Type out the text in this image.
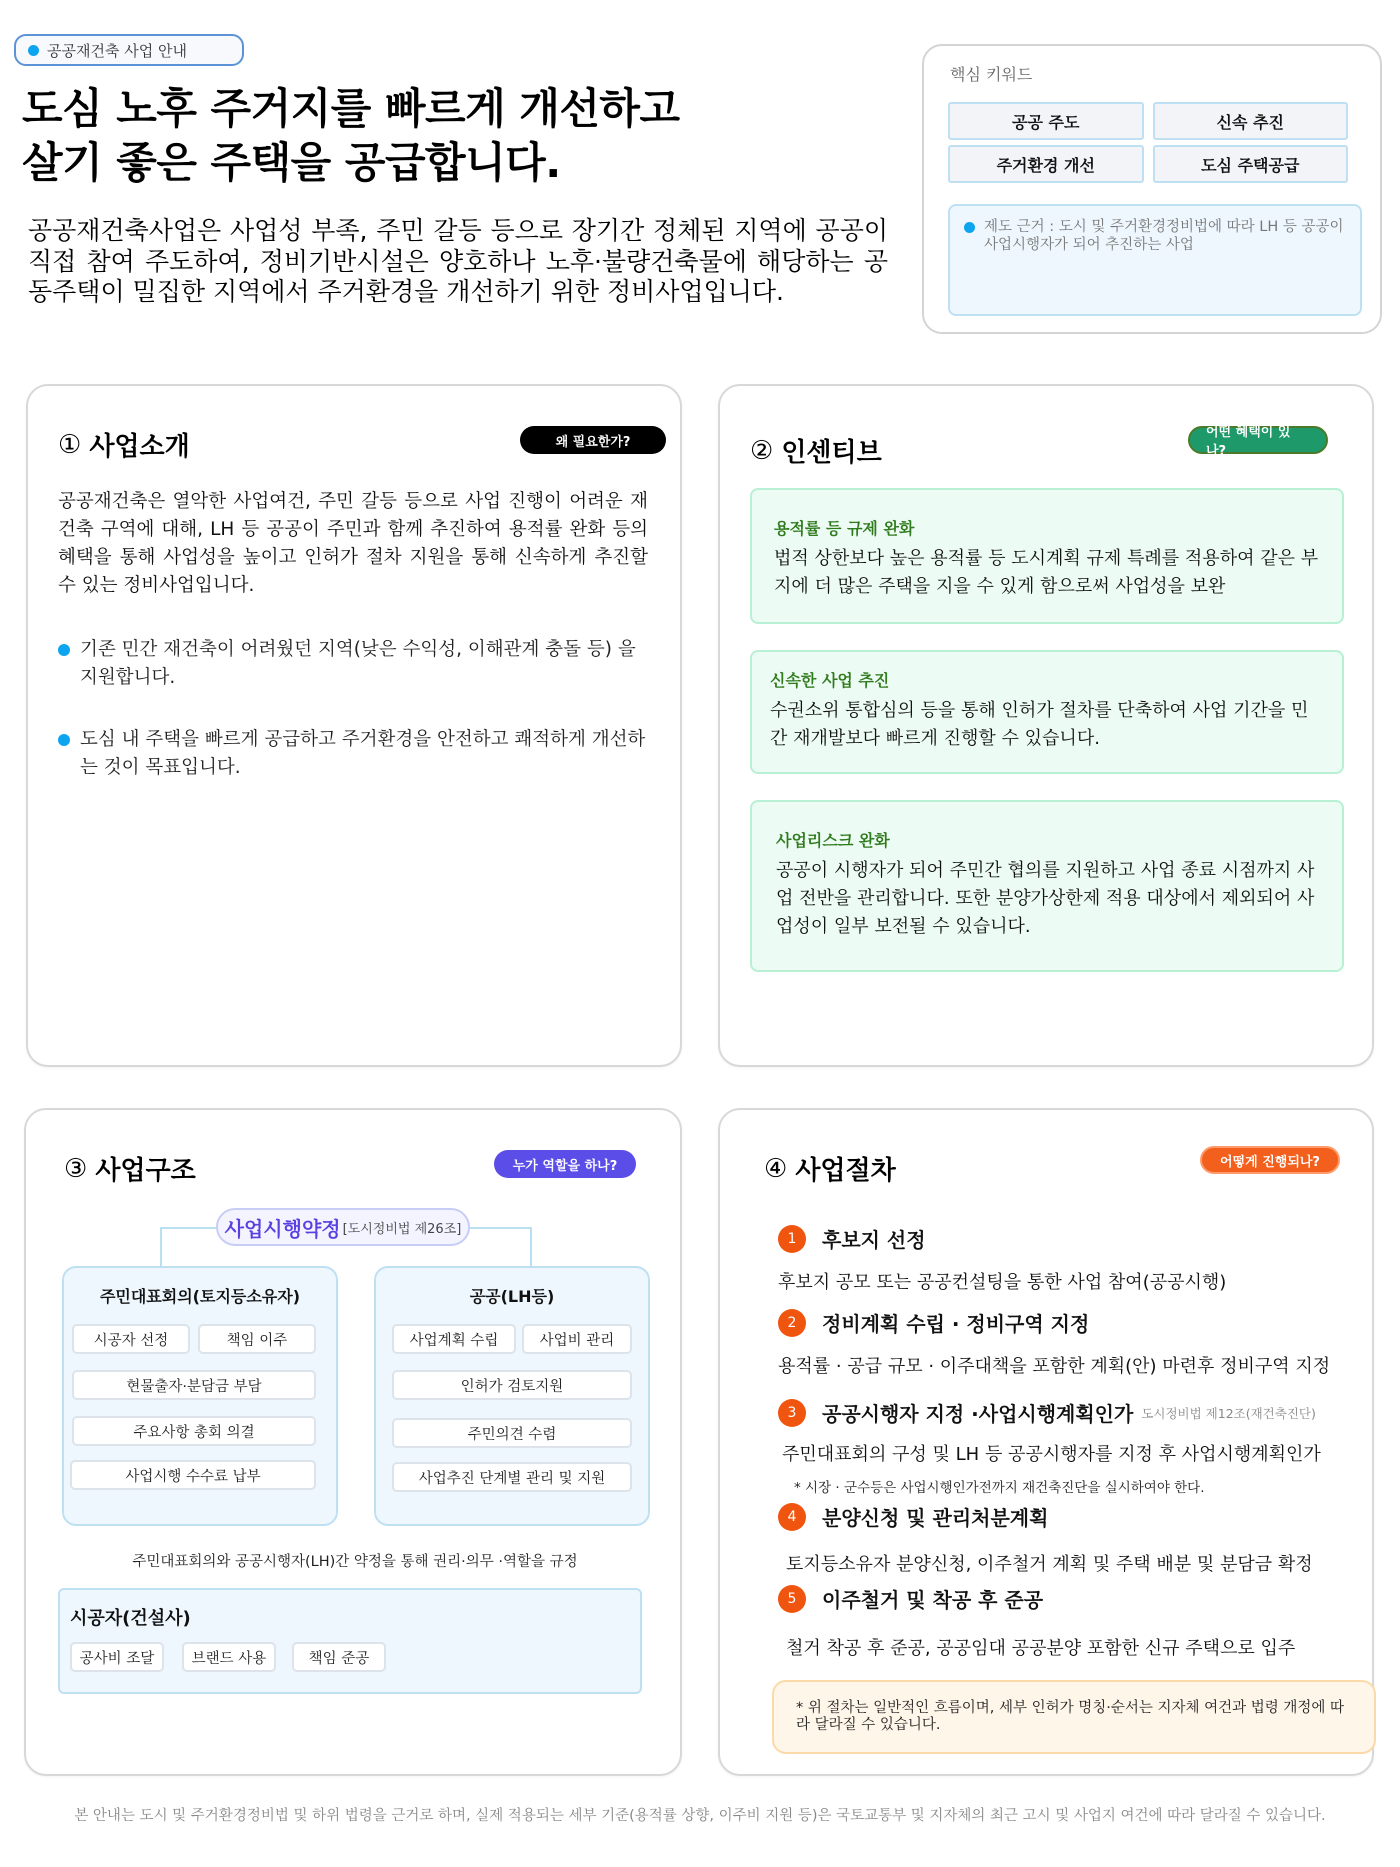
공공재건축 사업 안내
도심 노후 주거지를 빠르게 개선하고
살기 좋은 주택을 공급합니다.

공공재건축사업은 사업성 부족, 주민 갈등 등으로 장기간 정체된 지역에 공공이 직접 참여 주도하여, 정비기반시설은 양호하나 노후·불량건축물에 해당하는 공동주택이 밀집한 지역에서 주거환경을 개선하기 위한 정비사업입니다.

핵심 키워드
공공 주도	신속 추진
주거환경 개선	도심 주택공급
제도 근거 : 도시 및 주거환경정비법에 따라 LH 등 공공이 사업시행자가 되어 추진하는 사업
① 사업소개	왜 필요한가?

공공재건축은 열악한 사업여건, 주민 갈등 등으로 사업 진행이 어려운 재건축 구역에 대해, LH 등 공공이 주민과 함께 추진하여 용적률 완화 등의 혜택을 통해 사업성을 높이고 인허가 절차 지원을 통해 신속하게 추진할 수 있는 정비사업입니다.

기존 민간 재건축이 어려웠던 지역(낮은 수익성, 이해관계 충돌 등) 을 지원합니다.
도심 내 주택을 빠르게 공급하고 주거환경을 안전하고 쾌적하게 개선하는 것이 목표입니다.
② 인센티브
어떤 혜택이 있나?
용적률 등 규제 완화
법적 상한보다 높은 용적률 등 도시계획 규제 특례를 적용하여 같은 부지에 더 많은 주택을 지을 수 있게 함으로써 사업성을 보완
신속한 사업 추진
수권소위 통합심의 등을 통해 인허가 절차를 단축하여 사업 기간을 민간 재개발보다 빠르게 진행할 수 있습니다.
사업리스크 완화
공공이 시행자가 되어 주민간 협의를 지원하고 사업 종료 시점까지 사업 전반을 관리합니다. 또한 분양가상한제 적용 대상에서 제외되어 사업성이 일부 보전될 수 있습니다.
③ 사업구조	누가 역할을 하나?
사업시행약정 [도시정비법 제26조]
주민대표회의(토지등소유자)
시공자 선정	책임 이주
현물출자·분담금 부담
주요사항 총회 의결
사업시행 수수료 납부
공공(LH등)
사업계획 수립	사업비 관리
인허가 검토지원
주민의견 수렴
사업추진 단계별 관리 및 지원
주민대표회의와 공공시행자(LH)간 약정을 통해 권리·의무 ·역할을 규정
시공자(건설사)
공사비 조달	브랜드 사용	책임 준공
④ 사업절차	어떻게 진행되나?
1	후보지 선정
후보지 공모 또는 공공컨설팅을 통한 사업 참여(공공시행)
2	정비계획 수립 · 정비구역 지정
용적률 · 공급 규모 · 이주대책을 포함한 계획(안) 마련후 정비구역 지정
3	공공시행자 지정 ·사업시행계획인가 도시정비법 제12조(재건축진단)
주민대표회의 구성 및 LH 등 공공시행자를 지정 후 사업시행계획인가
* 시장 · 군수등은 사업시행인가전까지 재건축진단을 실시하여야 한다.
4	분양신청 및 관리처분계획
토지등소유자 분양신청, 이주철거 계획 및 주택 배분 및 분담금 확정
5	이주철거 및 착공 후 준공
철거 착공 후 준공, 공공임대 공공분양 포함한 신규 주택으로 입주
* 위 절차는 일반적인 흐름이며, 세부 인허가 명칭·순서는 지자체 여건과 법령 개정에 따라 달라질 수 있습니다.
본 안내는 도시 및 주거환경정비법 및 하위 법령을 근거로 하며, 실제 적용되는 세부 기준(용적률 상향, 이주비 지원 등)은 국토교통부 및 지자체의 최근 고시 및 사업지 여건에 따라 달라질 수 있습니다.
